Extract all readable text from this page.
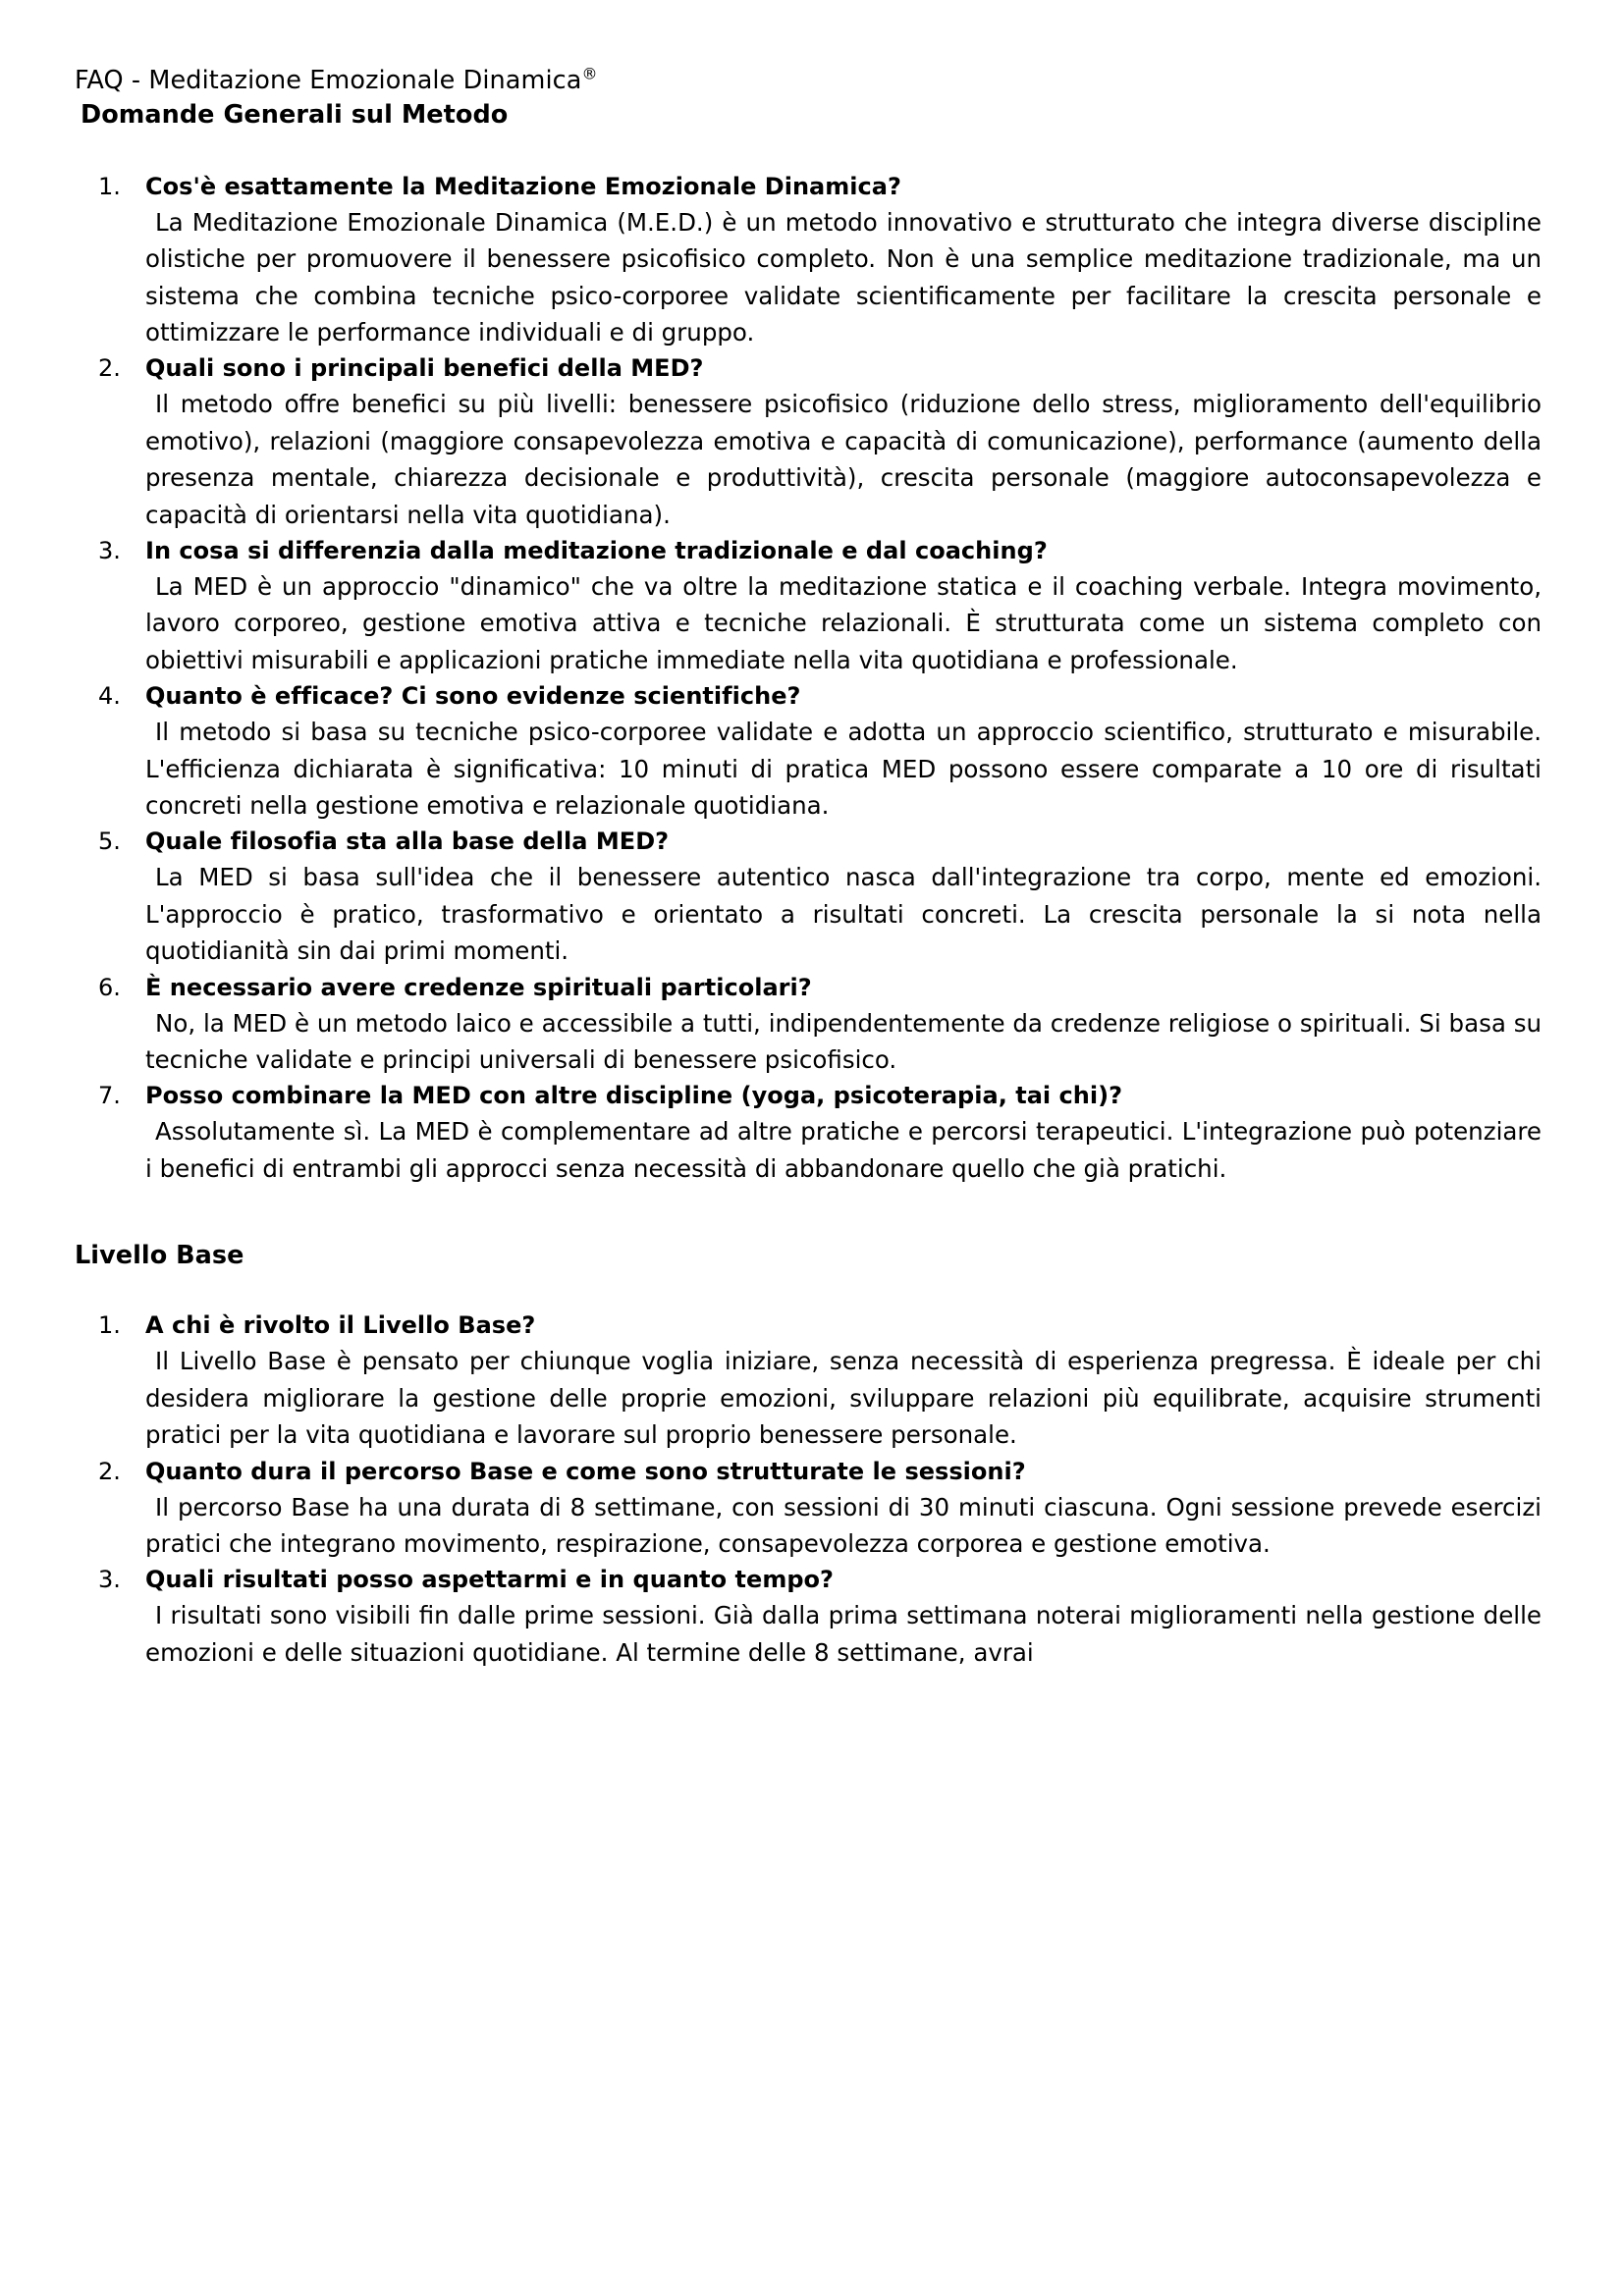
FAQ - Meditazione Emozionale Dinamica®
Domande Generali sul Metodo
1.	Cos'è esattamente la Meditazione Emozionale Dinamica?
La Meditazione Emozionale Dinamica (M.E.D.) è un metodo innovativo e strutturato che integra diverse discipline olistiche per promuovere il benessere psicofisico completo. Non è una semplice meditazione tradizionale, ma un sistema che combina tecniche psico-corporee validate scientificamente per facilitare la crescita personale e ottimizzare le performance individuali e di gruppo.
2.	Quali sono i principali benefici della MED?
Il metodo offre benefici su più livelli: benessere psicofisico (riduzione dello stress, miglioramento dell'equilibrio emotivo), relazioni (maggiore consapevolezza emotiva e capacità di comunicazione), performance (aumento della presenza mentale, chiarezza decisionale e produttività), crescita personale (maggiore autoconsapevolezza e capacità di orientarsi nella vita quotidiana).
3.	In cosa si differenzia dalla meditazione tradizionale e dal coaching?
La MED è un approccio "dinamico" che va oltre la meditazione statica e il coaching verbale. Integra movimento, lavoro corporeo, gestione emotiva attiva e tecniche relazionali. È strutturata come un sistema completo con obiettivi misurabili e applicazioni pratiche immediate nella vita quotidiana e professionale.
4.	Quanto è efficace? Ci sono evidenze scientifiche?
Il metodo si basa su tecniche psico-corporee validate e adotta un approccio scientifico, strutturato e misurabile. L'efficienza dichiarata è significativa: 10 minuti di pratica MED possono essere comparate a 10 ore di risultati concreti nella gestione emotiva e relazionale quotidiana.
5.	Quale filosofia sta alla base della MED?
La MED si basa sull'idea che il benessere autentico nasca dall'integrazione tra corpo, mente ed emozioni. L'approccio è pratico, trasformativo e orientato a risultati concreti. La crescita personale la si nota nella quotidianità sin dai primi momenti.
6.	È necessario avere credenze spirituali particolari?
No, la MED è un metodo laico e accessibile a tutti, indipendentemente da credenze religiose o spirituali. Si basa su tecniche validate e principi universali di benessere psicofisico.
7.	Posso combinare la MED con altre discipline (yoga, psicoterapia, tai chi)?
Assolutamente sì. La MED è complementare ad altre pratiche e percorsi terapeutici. L'integrazione può potenziare i benefici di entrambi gli approcci senza necessità di abbandonare quello che già pratichi.
Livello Base
1.	A chi è rivolto il Livello Base?
Il Livello Base è pensato per chiunque voglia iniziare, senza necessità di esperienza pregressa. È ideale per chi desidera migliorare la gestione delle proprie emozioni, sviluppare relazioni più equilibrate, acquisire strumenti pratici per la vita quotidiana e lavorare sul proprio benessere personale.
2.	Quanto dura il percorso Base e come sono strutturate le sessioni?
Il percorso Base ha una durata di 8 settimane, con sessioni di 30 minuti ciascuna. Ogni sessione prevede esercizi pratici che integrano movimento, respirazione, consapevolezza corporea e gestione emotiva.
3.	Quali risultati posso aspettarmi e in quanto tempo?
I risultati sono visibili fin dalle prime sessioni. Già dalla prima settimana noterai miglioramenti nella gestione delle emozioni e delle situazioni quotidiane. Al termine delle 8 settimane, avrai
